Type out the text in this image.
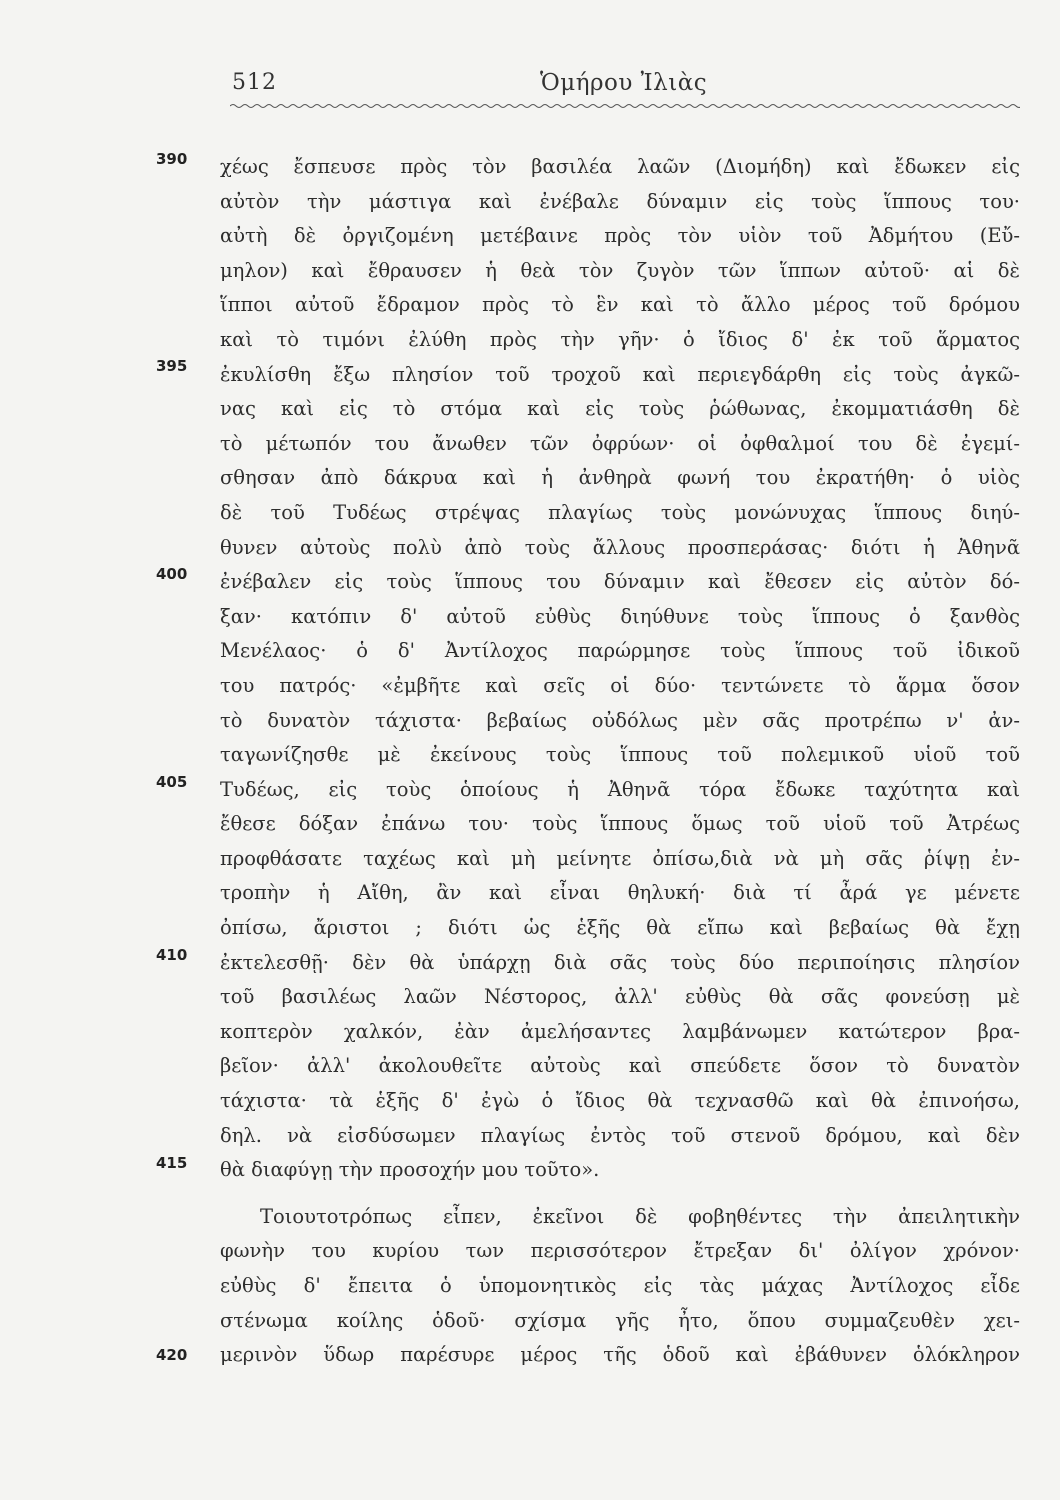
512	Ὁμήρου Ἰλιὰς
390
395
400
405
410
415
420
χέως ἔσπευσε πρὸς τὸν βασιλέα λαῶν (Διομήδη) καὶ ἔδωκεν εἰς
αὐτὸν τὴν μάστιγα καὶ ἐνέβαλε δύναμιν εἰς τοὺς ἵππους του·
αὐτὴ δὲ ὀργιζομένη μετέβαινε πρὸς τὸν υἱὸν τοῦ Ἀδμήτου (Εὔ-
μηλον) καὶ ἔθραυσεν ἡ θεὰ τὸν ζυγὸν τῶν ἵππων αὐτοῦ· αἱ δὲ
ἵπποι αὐτοῦ ἔδραμον πρὸς τὸ ἓν καὶ τὸ ἄλλο μέρος τοῦ δρόμου
καὶ τὸ τιμόνι ἐλύθη πρὸς τὴν γῆν· ὁ ἴδιος δ' ἐκ τοῦ ἅρματος
ἐκυλίσθη ἔξω πλησίον τοῦ τροχοῦ καὶ περιεγδάρθη εἰς τοὺς ἀγκῶ-
νας καὶ εἰς τὸ στόμα καὶ εἰς τοὺς ῥώθωνας, ἐκομματιάσθη δὲ
τὸ μέτωπόν του ἄνωθεν τῶν ὀφρύων· οἱ ὀφθαλμοί του δὲ ἐγεμί-
σθησαν ἀπὸ δάκρυα καὶ ἡ ἀνθηρὰ φωνή του ἐκρατήθη· ὁ υἱὸς
δὲ τοῦ Τυδέως στρέψας πλαγίως τοὺς μονώνυχας ἵππους διηύ-
θυνεν αὐτοὺς πολὺ ἀπὸ τοὺς ἄλλους προσπεράσας· διότι ἡ Ἀθηνᾶ
ἐνέβαλεν εἰς τοὺς ἵππους του δύναμιν καὶ ἔθεσεν εἰς αὐτὸν δό-
ξαν· κατόπιν δ' αὐτοῦ εὐθὺς διηύθυνε τοὺς ἵππους ὁ ξανθὸς
Μενέλαος· ὁ δ' Ἀντίλοχος παρώρμησε τοὺς ἵππους τοῦ ἰδικοῦ
του πατρός· «ἐμβῆτε καὶ σεῖς οἱ δύο· τεντώνετε τὸ ἅρμα ὅσον
τὸ δυνατὸν τάχιστα· βεβαίως οὐδόλως μὲν σᾶς προτρέπω ν' ἀν-
ταγωνίζησθε μὲ ἐκείνους τοὺς ἵππους τοῦ πολεμικοῦ υἱοῦ τοῦ
Τυδέως, εἰς τοὺς ὁποίους ἡ Ἀθηνᾶ τόρα ἔδωκε ταχύτητα καὶ
ἔθεσε δόξαν ἐπάνω του· τοὺς ἵππους ὅμως τοῦ υἱοῦ τοῦ Ἀτρέως
προφθάσατε ταχέως καὶ μὴ μείνητε ὀπίσω,διὰ νὰ μὴ σᾶς ῥίψῃ ἐν-
τροπὴν ἡ Αἴθη, ἂν καὶ εἶναι θηλυκή· διὰ τί ἆρά γε μένετε
ὀπίσω, ἄριστοι ; διότι ὡς ἑξῆς θὰ εἴπω καὶ βεβαίως θὰ ἔχῃ
ἐκτελεσθῇ· δὲν θὰ ὑπάρχῃ διὰ σᾶς τοὺς δύο περιποίησις πλησίον
τοῦ βασιλέως λαῶν Νέστορος, ἀλλ' εὐθὺς θὰ σᾶς φονεύσῃ μὲ
κοπτερὸν χαλκόν, ἐὰν ἀμελήσαντες λαμβάνωμεν κατώτερον βρα-
βεῖον· ἀλλ' ἀκολουθεῖτε αὐτοὺς καὶ σπεύδετε ὅσον τὸ δυνατὸν
τάχιστα· τὰ ἑξῆς δ' ἐγὼ ὁ ἴδιος θὰ τεχνασθῶ καὶ θὰ ἐπινοήσω,
δηλ. νὰ εἰσδύσωμεν πλαγίως ἐντὸς τοῦ στενοῦ δρόμου, καὶ δὲν
θὰ διαφύγῃ τὴν προσοχήν μου τοῦτο».
Τοιουτοτρόπως εἶπεν, ἐκεῖνοι δὲ φοβηθέντες τὴν ἀπειλητικὴν
φωνὴν του κυρίου των περισσότερον ἔτρεξαν δι' ὀλίγον χρόνον·
εὐθὺς δ' ἔπειτα ὁ ὑπομονητικὸς εἰς τὰς μάχας Ἀντίλοχος εἶδε
στένωμα κοίλης ὁδοῦ· σχίσμα γῆς ἦτο, ὅπου συμμαζευθὲν χει-
μερινὸν ὕδωρ παρέσυρε μέρος τῆς ὁδοῦ καὶ ἐβάθυνεν ὁλόκληρον
